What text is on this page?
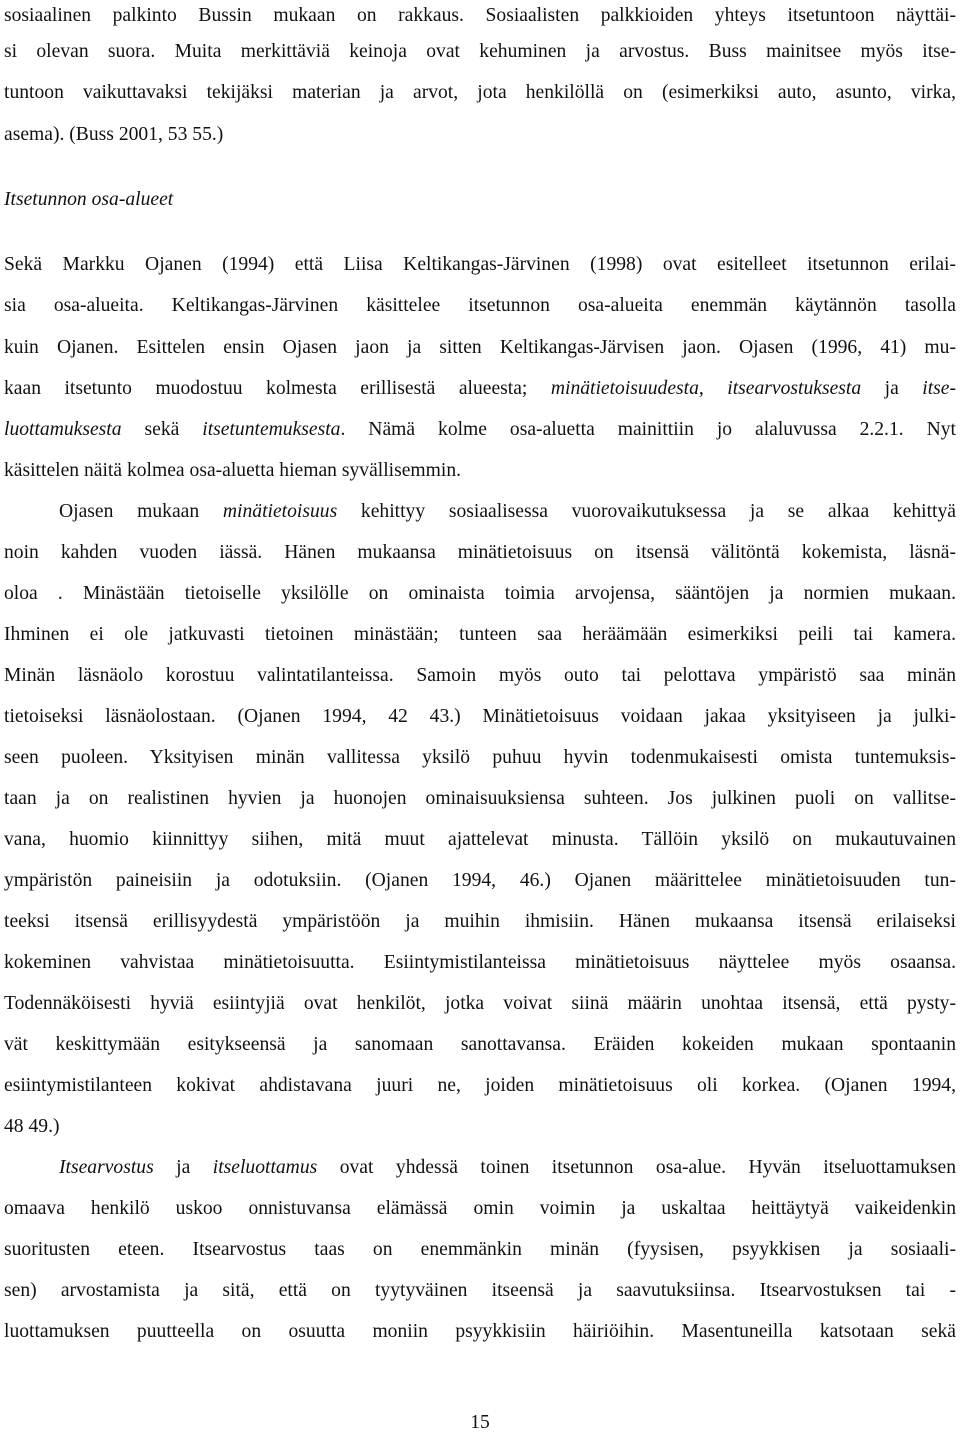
sosiaalinen palkinto Bussin mukaan on rakkaus. Sosiaalisten palkkioiden yhteys itsetuntoon näyttäi-
si olevan suora. Muita merkittäviä keinoja ovat kehuminen ja arvostus. Buss mainitsee myös itse-
tuntoon vaikuttavaksi tekijäksi materian ja arvot, jota henkilöllä on (esimerkiksi auto, asunto, virka,
asema). (Buss 2001, 53 55.)
Itsetunnon osa-alueet
Sekä Markku Ojanen (1994) että Liisa Keltikangas-Järvinen (1998) ovat esitelleet itsetunnon erilai-
sia osa-alueita. Keltikangas-Järvinen käsittelee itsetunnon osa-alueita enemmän käytännön tasolla
kuin Ojanen. Esittelen ensin Ojasen jaon ja sitten Keltikangas-Järvisen jaon. Ojasen (1996, 41) mu-
kaan itsetunto muodostuu kolmesta erillisestä alueesta; minätietoisuudesta, itsearvostuksesta ja itse-
luottamuksesta sekä itsetuntemuksesta. Nämä kolme osa-aluetta mainittiin jo alaluvussa 2.2.1. Nyt
käsittelen näitä kolmea osa-aluetta hieman syvällisemmin.
Ojasen mukaan minätietoisuus kehittyy sosiaalisessa vuorovaikutuksessa ja se alkaa kehittyä
noin kahden vuoden iässä. Hänen mukaansa minätietoisuus on itsensä välitöntä kokemista, läsnä-
oloa . Minästään tietoiselle yksilölle on ominaista toimia arvojensa, sääntöjen ja normien mukaan.
Ihminen ei ole jatkuvasti tietoinen minästään; tunteen saa heräämään esimerkiksi peili tai kamera.
Minän läsnäolo korostuu valintatilanteissa. Samoin myös outo tai pelottava ympäristö saa minän
tietoiseksi läsnäolostaan. (Ojanen 1994, 42 43.) Minätietoisuus voidaan jakaa yksityiseen ja julki-
seen puoleen. Yksityisen minän vallitessa yksilö puhuu hyvin todenmukaisesti omista tuntemuksis-
taan ja on realistinen hyvien ja huonojen ominaisuuksiensa suhteen. Jos julkinen puoli on vallitse-
vana, huomio kiinnittyy siihen, mitä muut ajattelevat minusta. Tällöin yksilö on mukautuvainen
ympäristön paineisiin ja odotuksiin. (Ojanen 1994, 46.) Ojanen määrittelee minätietoisuuden tun-
teeksi itsensä erillisyydestä ympäristöön ja muihin ihmisiin. Hänen mukaansa itsensä erilaiseksi
kokeminen vahvistaa minätietoisuutta. Esiintymistilanteissa minätietoisuus näyttelee myös osaansa.
Todennäköisesti hyviä esiintyjiä ovat henkilöt, jotka voivat siinä määrin unohtaa itsensä, että pysty-
vät keskittymään esitykseensä ja sanomaan sanottavansa. Eräiden kokeiden mukaan spontaanin
esiintymistilanteen kokivat ahdistavana juuri ne, joiden minätietoisuus oli korkea. (Ojanen 1994,
48 49.)
Itsearvostus ja itseluottamus ovat yhdessä toinen itsetunnon osa-alue. Hyvän itseluottamuksen
omaava henkilö uskoo onnistuvansa elämässä omin voimin ja uskaltaa heittäytyä vaikeidenkin
suoritusten eteen. Itsearvostus taas on enemmänkin minän (fyysisen, psyykkisen ja sosiaali-
sen) arvostamista ja sitä, että on tyytyväinen itseensä ja saavutuksiinsa. Itsearvostuksen tai -
luottamuksen puutteella on osuutta moniin psyykkisiin häiriöihin. Masentuneilla katsotaan sekä
15
